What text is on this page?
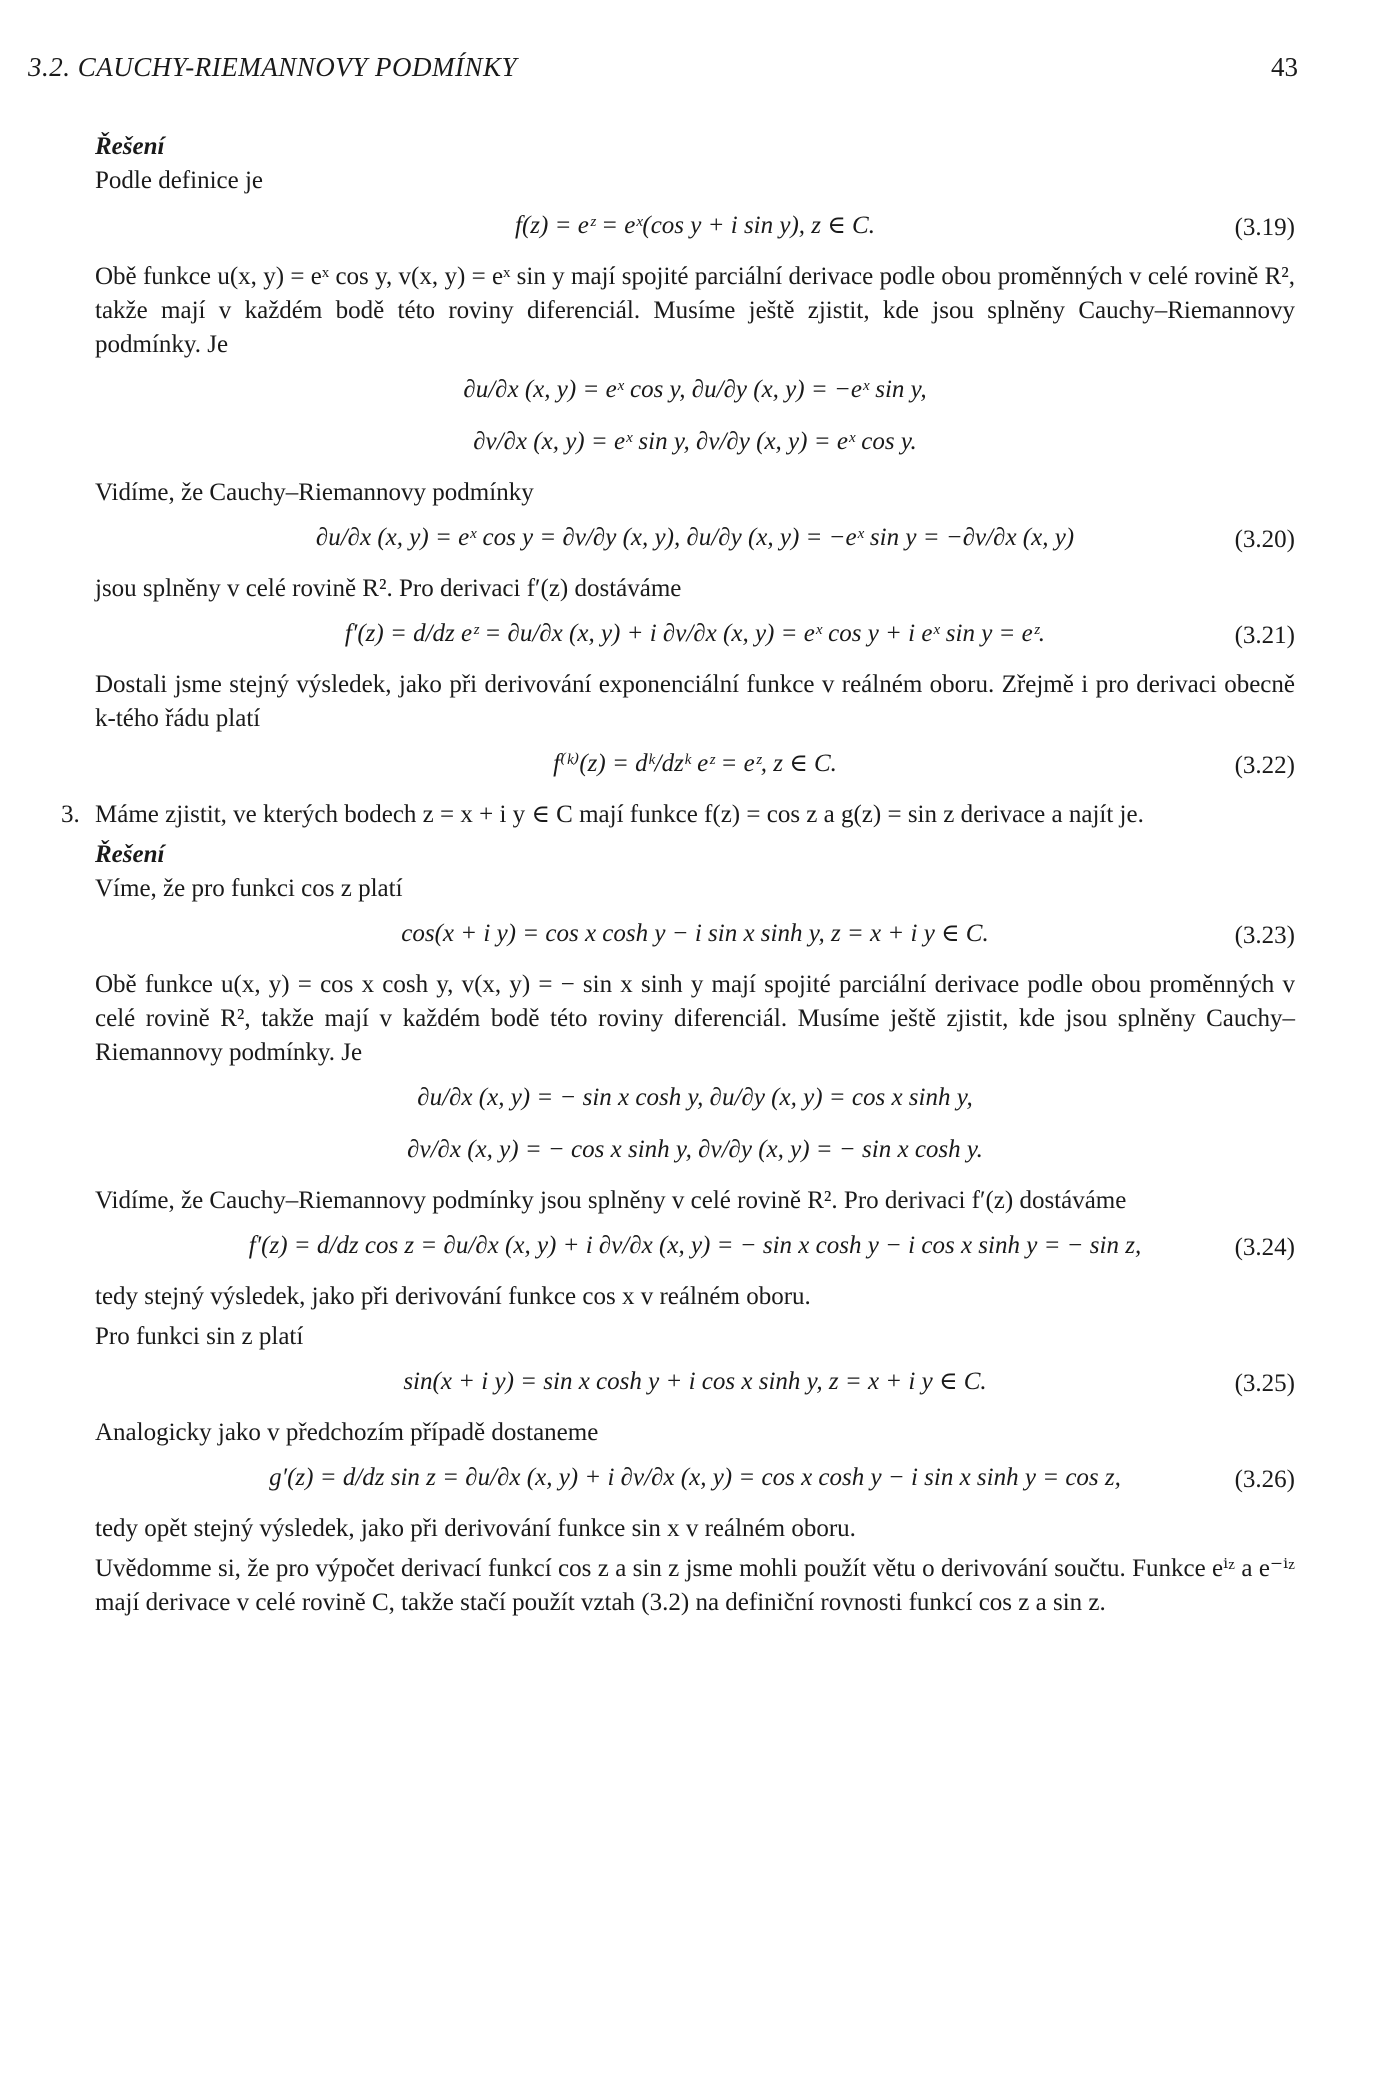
3.2. CAUCHY-RIEMANNOVY PODMÍNKY	43

Řešení

Podle definice je

f(z) = eᶻ = eˣ(cos y + i sin y), z ∈ C.	(3.19)

Obě funkce u(x, y) = eˣ cos y, v(x, y) = eˣ sin y mají spojité parciální derivace podle obou proměnných v celé rovině R², takže mají v každém bodě této roviny diferenciál. Musíme ještě zjistit, kde jsou splněny Cauchy–Riemannovy podmínky. Je

∂u/∂x (x, y) = eˣ cos y, ∂u/∂y (x, y) = −eˣ sin y,
∂v/∂x (x, y) = eˣ sin y, ∂v/∂y (x, y) = eˣ cos y.

Vidíme, že Cauchy–Riemannovy podmínky

∂u/∂x (x, y) = eˣ cos y = ∂v/∂y (x, y), ∂u/∂y (x, y) = −eˣ sin y = −∂v/∂x (x, y)	(3.20)

jsou splněny v celé rovině R². Pro derivaci f′(z) dostáváme

f′(z) = d/dz eᶻ = ∂u/∂x (x, y) + i ∂v/∂x (x, y) = eˣ cos y + i eˣ sin y = eᶻ.	(3.21)

Dostali jsme stejný výsledek, jako při derivování exponenciální funkce v reálném oboru. Zřejmě i pro derivaci obecně k-tého řádu platí

f⁽ᵏ⁾(z) = dᵏ/dzᵏ eᶻ = eᶻ, z ∈ C.	(3.22)
3. Máme zjistit, ve kterých bodech z = x + i y ∈ C mají funkce f(z) = cos z a g(z) = sin z derivace a najít je.

Řešení

Víme, že pro funkci cos z platí

cos(x + i y) = cos x cosh y − i sin x sinh y, z = x + i y ∈ C.	(3.23)

Obě funkce u(x, y) = cos x cosh y, v(x, y) = − sin x sinh y mají spojité parciální derivace podle obou proměnných v celé rovině R², takže mají v každém bodě této roviny diferenciál. Musíme ještě zjistit, kde jsou splněny Cauchy–Riemannovy podmínky. Je

∂u/∂x (x, y) = − sin x cosh y, ∂u/∂y (x, y) = cos x sinh y,
∂v/∂x (x, y) = − cos x sinh y, ∂v/∂y (x, y) = − sin x cosh y.

Vidíme, že Cauchy–Riemannovy podmínky jsou splněny v celé rovině R². Pro derivaci f′(z) dostáváme

f′(z) = d/dz cos z = ∂u/∂x (x, y) + i ∂v/∂x (x, y) = − sin x cosh y − i cos x sinh y = − sin z,	(3.24)

tedy stejný výsledek, jako při derivování funkce cos x v reálném oboru.

Pro funkci sin z platí

sin(x + i y) = sin x cosh y + i cos x sinh y, z = x + i y ∈ C.	(3.25)

Analogicky jako v předchozím případě dostaneme

g′(z) = d/dz sin z = ∂u/∂x (x, y) + i ∂v/∂x (x, y) = cos x cosh y − i sin x sinh y = cos z,	(3.26)

tedy opět stejný výsledek, jako při derivování funkce sin x v reálném oboru.

Uvědomme si, že pro výpočet derivací funkcí cos z a sin z jsme mohli použít větu o derivování součtu. Funkce eⁱᶻ a e⁻ⁱᶻ mají derivace v celé rovině C, takže stačí použít vztah (3.2) na definiční rovnosti funkcí cos z a sin z.
